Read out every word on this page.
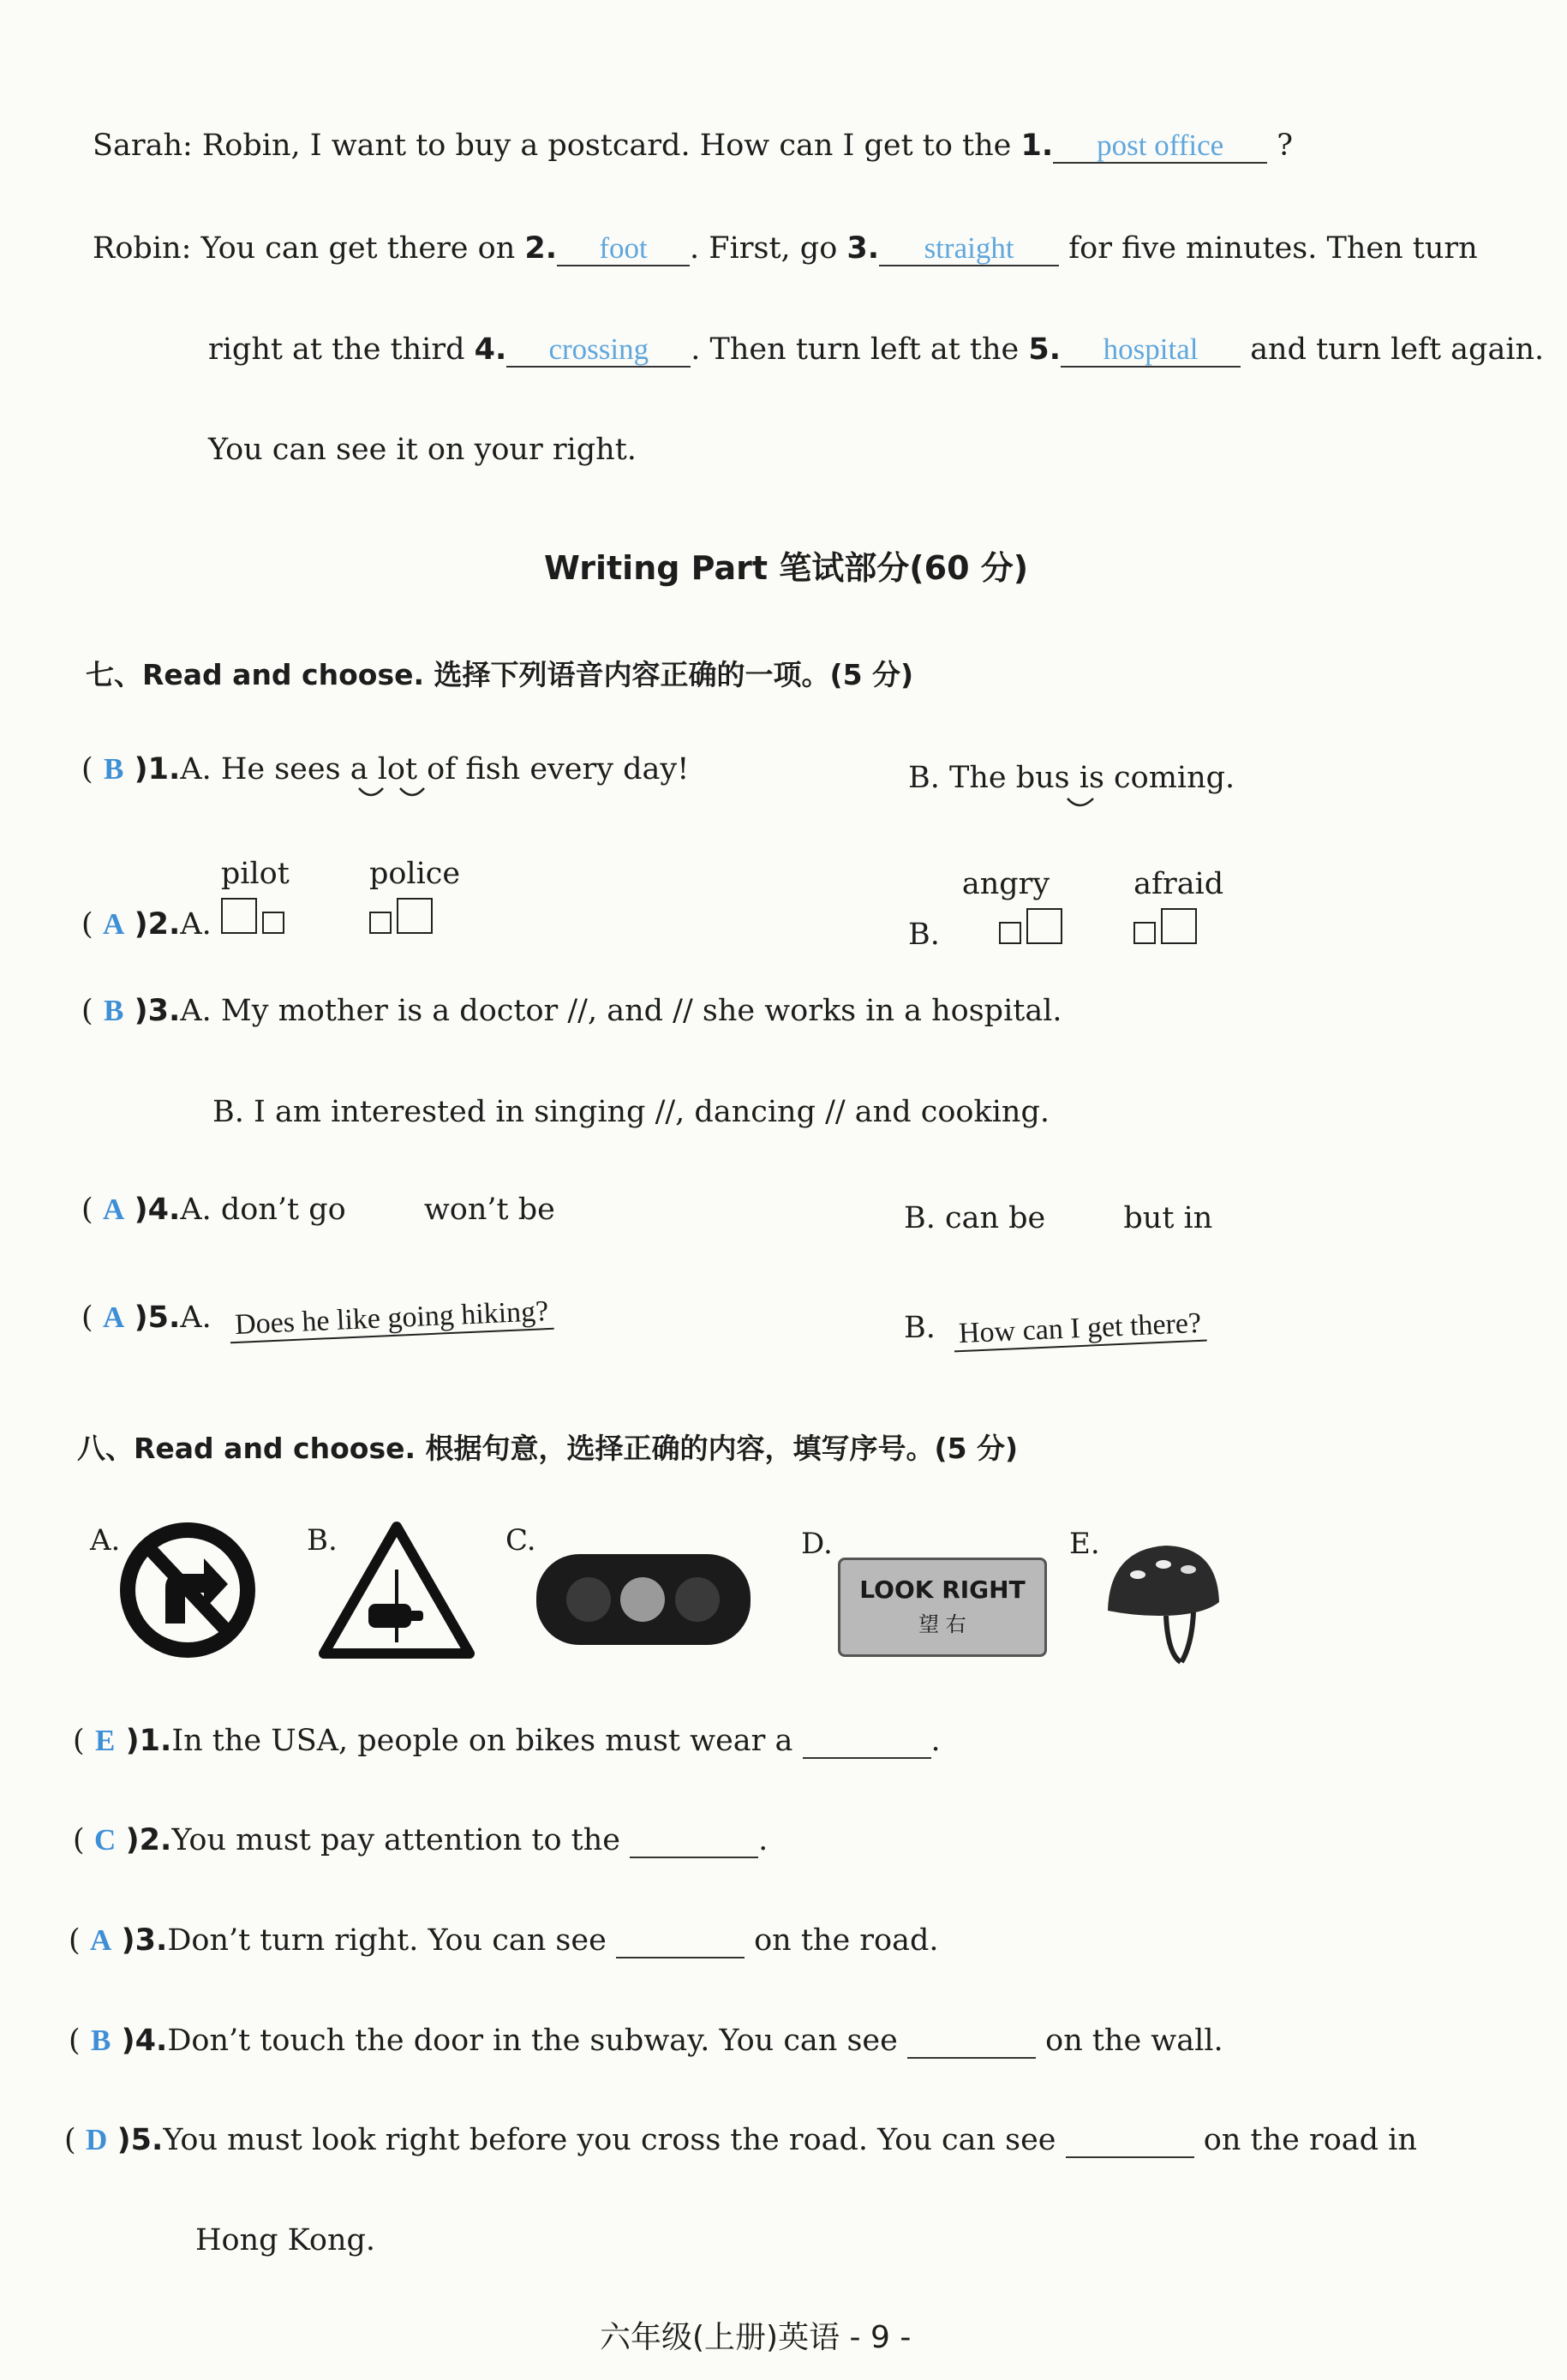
Sarah: Robin, I want to buy a postcard. How can I get to the 1. post office ?
Robin: You can get there on 2. foot . First, go 3. straight for five minutes. Then turn
right at the third 4. crossing . Then turn left at the 5. hospital and turn left again.
You can see it on your right.
Writing Part 笔试部分(60 分)
七、Read and choose. 选择下列语音内容正确的一项。(5 分)
( B )1.A. He sees a lot of fish every day!	B. The bus is coming.
( A )2.A. pilot	police
B. angry	afraid
( B )3.A. My mother is a doctor //, and // she works in a hospital.
B. I am interested in singing //, dancing // and cooking.
( A )4.A. don’t go	won’t be	B. can be	but in
( A )5.A. Does he like going hiking?	B. How can I get there?
八、Read and choose. 根据句意，选择正确的内容，填写序号。(5 分)
A.	B.	C.	D.
LOOK RIGHT
望 右
E.
( E )1.In the USA, people on bikes must wear a	.
( C )2.You must pay attention to the	.
( A )3.Don’t turn right. You can see	on the road.
( B )4.Don’t touch the door in the subway. You can see	on the wall.
( D )5.You must look right before you cross the road. You can see	on the road in
Hong Kong.
六年级(上册)英语 - 9 -
